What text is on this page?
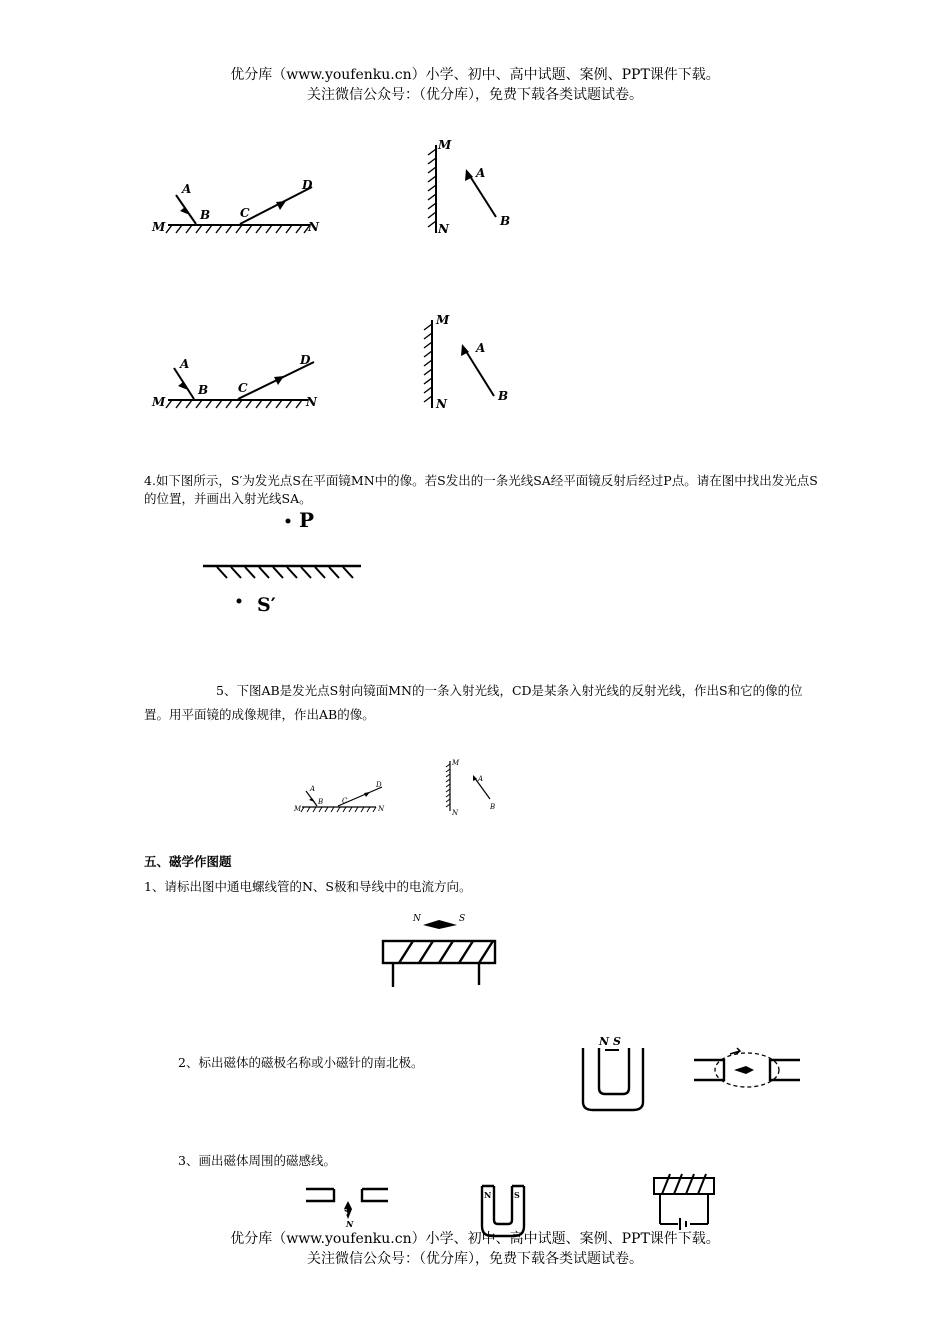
优分库（www.youfenku.cn）小学、初中、高中试题、案例、PPT课件下载。
关注微信公众号：（优分库），免费下载各类试题试卷。
M
A
B C
D
N
M
N
A
B
M
A
B C
D
N
M
N
A
B
4.如下图所示，S′为发光点S在平面镜MN中的像。若S发出的一条光线SA经平面镜反射后经过P点。请在图中找出发光点S的位置，并画出入射光线SA。
P
S′
5、下图AB是发光点S射向镜面MN的一条入射光线，CD是某条入射光线的反射光线，作出S和它的像的位置。用平面镜的成像规律，作出AB的像。
M
A
B	C
D
N
M
N
A
B
五、磁学作图题
1、请标出图中通电螺线管的N、S极和导线中的电流方向。
N	S
2、标出磁体的磁极名称或小磁针的南北极。
N S
3、画出磁体周围的磁感线。
S
N
N	S
优分库（www.youfenku.cn）小学、初中、高中试题、案例、PPT课件下载。
关注微信公众号：（优分库），免费下载各类试题试卷。
